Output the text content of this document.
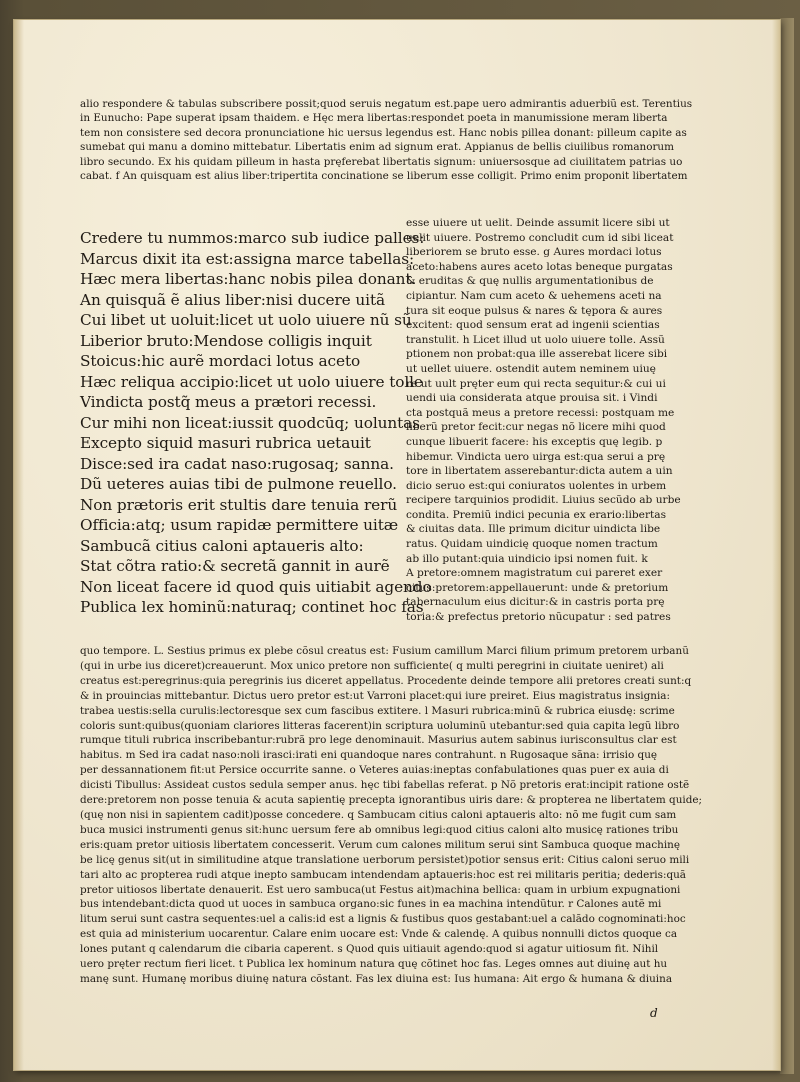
alio respondere & tabulas subscribere possit;quod seruis negatum est.pape uero admirantis aduerbiũ est. Terentius

in Eunucho: Pape superat ipsam thaidem. e Hęc mera libertas:respondet poeta in manumissione meram liberta

tem non consistere sed decora pronunciatione hic uersus legendus est. Hanc nobis pillea donant: pilleum capite as

sumebat qui manu a domino mittebatur. Libertatis enim ad signum erat. Appianus de bellis ciuilibus romanorum

libro secundo. Ex his quidam pilleum in hasta pręferebat libertatis signum: uniuersosque ad ciuilitatem patrias uo

cabat. f An quisquam est alius liber:tripertita concinatione se liberum esse colligit. Primo enim proponit libertatem

Credere tu nummos:marco sub iudice palles:

Marcus dixit ita est:assigna marce tabellas:

Hæc mera libertas:hanc nobis pilea donant.

An quisquã ẽ alius liber:nisi ducere uitã

Cui libet ut uoluit:licet ut uolo uiuere nũ sũ

Liberior bruto:Mendose colligis inquit

Stoicus:hic aurẽ mordaci lotus aceto

Hæc reliqua accipio:licet ut uolo uiuere tolle

Vindicta postq̃ meus a prætori recessi.

Cur mihi non liceat:iussit quodcūq; uoluntas

Excepto siquid masuri rubrica uetauit

Disce:sed ira cadat naso:rugosaq; sanna.

Dũ ueteres auias tibi de pulmone reuello.

Non prætoris erit stultis dare tenuia rerũ

Officia:atq; usum rapidæ permittere uitæ

Sambucã citius caloni aptaueris alto:

Stat cõtra ratio:& secretã gannit in aurẽ

Non liceat facere id quod quis uitiabit agendo

Publica lex hominũ:naturaq; continet hoc fas

esse uiuere ut uelit. Deinde assumit licere sibi ut

uelit uiuere. Postremo concludit cum id sibi liceat

liberiorem se bruto esse. g Aures mordaci lotus

aceto:habens aures aceto lotas beneque purgatas

& eruditas & quę nullis argumentationibus de

cipiantur. Nam cum aceto & uehemens aceti na

tura sit eoque pulsus & nares & tępora & aures

excitent: quod sensum erat ad ingenii scientias

transtulit. h Licet illud ut uolo uiuere tolle. Assũ

ptionem non probat:qua ille asserebat licere sibi

ut uellet uiuere. ostendit autem neminem uiuę

re ut uult pręter eum qui recta sequitur:& cui ui

uendi uia considerata atque prouisa sit. i Vindi

cta postquã meus a pretore recessi: postquam me

liberũ pretor fecit:cur negas nõ licere mihi quod

cunque libuerit facere: his exceptis quę legib. p

hibemur. Vindicta uero uirga est:qua serui a prę

tore in libertatem asserebantur:dicta autem a uin

dicio seruo est:qui coniuratos uolentes in urbem

recipere tarquinios prodidit. Liuius secũdo ab urbe

condita. Premiũ indici pecunia ex erario:libertas

& ciuitas data. Ille primum dicitur uindicta libe

ratus. Quidam uindicię quoque nomen tractum

ab illo putant:quia uindicio ipsi nomen fuit. k

A pretore:omnem magistratum cui pareret exer

citus:pretorem:appellauerunt: unde & pretorium

tabernaculum eius dicitur:& in castris porta prę

toria:& prefectus pretorio nũcupatur : sed patres

quo tempore. L. Sestius primus ex plebe cõsul creatus est: Fusium camillum Marci filium primum pretorem urbanũ

(qui in urbe ius diceret)creauerunt. Mox unico pretore non sufficiente( q multi peregrini in ciuitate ueniret) ali

creatus est:peregrinus:quia peregrinis ius diceret appellatus. Procedente deinde tempore alii pretores creati sunt:q

& in prouincias mittebantur. Dictus uero pretor est:ut Varroni placet:qui iure preiret. Eius magistratus insignia:

trabea uestis:sella curulis:lectoresque sex cum fascibus extitere. l Masuri rubrica:minũ & rubrica eiusdę: scrime

coloris sunt:quibus(quoniam clariores litteras facerent)in scriptura uoluminũ utebantur:sed quia capita legũ libro

rumque tituli rubrica inscribebantur:rubrã pro lege denominauit. Masurius autem sabinus iurisconsultus clar est

habitus. m Sed ira cadat naso:noli irasci:irati eni quandoque nares contrahunt. n Rugosaque sãna: irrisio quę

per dessannationem fit:ut Persice occurrite sanne. o Veteres auias:ineptas confabulationes quas puer ex auia di

dicisti Tibullus: Assideat custos sedula semper anus. hęc tibi fabellas referat. p Nõ pretoris erat:incipit ratione ostẽ

dere:pretorem non posse tenuia & acuta sapientię precepta ignorantibus uiris dare: & propterea ne libertatem quide;

(quę non nisi in sapientem cadit)posse concedere. q Sambucam citius caloni aptaueris alto: nõ me fugit cum sam

buca musici instrumenti genus sit:hunc uersum fere ab omnibus legi:quod citius caloni alto musicę rationes tribu

eris:quam pretor uitiosis libertatem concesserit. Verum cum calones militum serui sint Sambuca quoque machinę

be licę genus sit(ut in similitudine atque translatione uerborum persistet)potior sensus erit: Citius caloni seruo mili

tari alto ac propterea rudi atque inepto sambucam intendendam aptaueris:hoc est rei militaris peritia; dederis:quã

pretor uitiosos libertate denauerit. Est uero sambuca(ut Festus ait)machina bellica: quam in urbium expugnationi

bus intendebant:dicta quod ut uoces in sambuca organo:sic funes in ea machina intendũtur. r Calones autẽ mi

litum serui sunt castra sequentes:uel a calis:id est a lignis & fustibus quos gestabant:uel a calãdo cognominati:hoc

est quia ad ministerium uocarentur. Calare enim uocare est: Vnde & calendę. A quibus nonnulli dictos quoque ca

lones putant q calendarum die cibaria caperent. s Quod quis uitiauit agendo:quod si agatur uitiosum fit. Nihil

uero pręter rectum fieri licet. t Publica lex hominum natura quę cõtinet hoc fas. Leges omnes aut diuinę aut hu

manę sunt. Humanę moribus diuinę natura cõstant. Fas lex diuina est: Ius humana: Ait ergo & humana & diuina

d
